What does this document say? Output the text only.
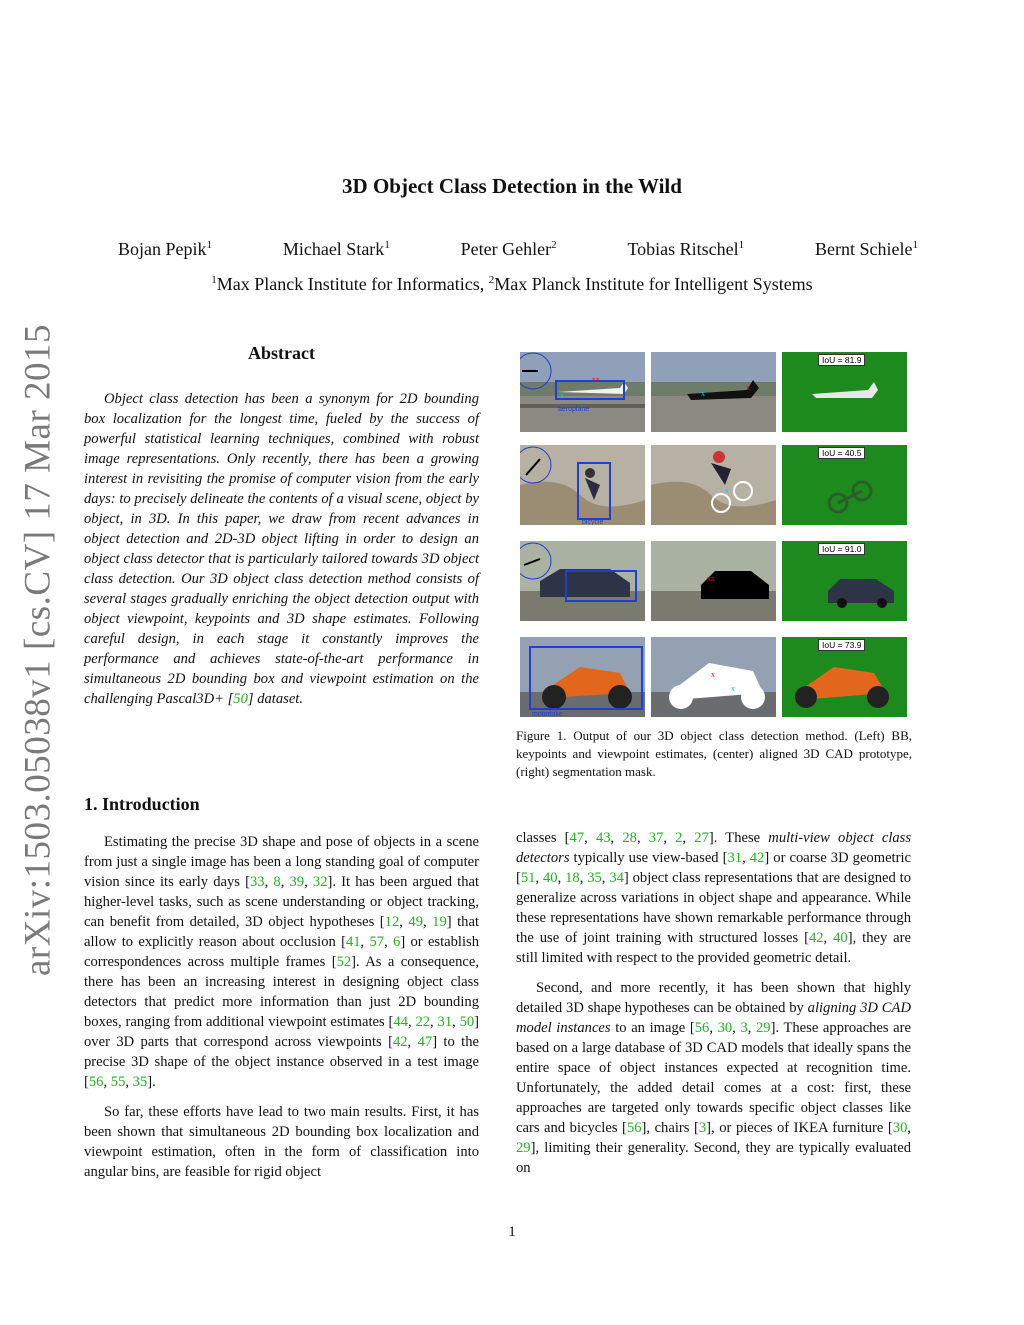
arXiv:1503.05038v1 [cs.CV] 17 Mar 2015
3D Object Class Detection in the Wild
Bojan Pepik$^1$	Michael Stark$^1$	Peter Gehler$^2$	Tobias Ritschel$^1$	Bernt Schiele$^1$
$^1$Max Planck Institute for Informatics, $^2$Max Planck Institute for Intelligent Systems
Abstract

Object class detection has been a synonym for 2D bounding box localization for the longest time, fueled by the success of powerful statistical learning techniques, combined with robust image representations. Only recently, there has been a growing interest in revisiting the promise of computer vision from the early days: to precisely delineate the contents of a visual scene, object by object, in 3D. In this paper, we draw from recent advances in object detection and 2D-3D object lifting in order to design an object class detector that is particularly tailored towards 3D object class detection. Our 3D object class detection method consists of several stages gradually enriching the object detection output with object viewpoint, keypoints and 3D shape estimates. Following careful design, in each stage it constantly improves the performance and achieves state-of-the-art performance in simultaneous 2D bounding box and viewpoint estimation on the challenging Pascal3D+ [50] dataset.

1. Introduction

Estimating the precise 3D shape and pose of objects in a scene from just a single image has been a long standing goal of computer vision since its early days [33, 8, 39, 32]. It has been argued that higher-level tasks, such as scene understanding or object tracking, can benefit from detailed, 3D object hypotheses [12, 49, 19] that allow to explicitly reason about occlusion [41, 57, 6] or establish correspondences across multiple frames [52]. As a consequence, there has been an increasing interest in designing object class detectors that predict more information than just 2D bounding boxes, ranging from additional viewpoint estimates [44, 22, 31, 50] over 3D parts that correspond across viewpoints [42, 47] to the precise 3D shape of the object instance observed in a test image [56, 55, 35].

So far, these efforts have lead to two main results. First, it has been shown that simultaneous 2D bounding box localization and viewpoint estimation, often in the form of classification into angular bins, are feasible for rigid object

classes [47, 43, 28, 37, 2, 27]. These multi-view object class detectors typically use view-based [31, 42] or coarse 3D geometric [51, 40, 18, 35, 34] object class representations that are designed to generalize across variations in object shape and appearance. While these representations have shown remarkable performance through the use of joint training with structured losses [42, 40], they are still limited with respect to the provided geometric detail.

Second, and more recently, it has been shown that highly detailed 3D shape hypotheses can be obtained by aligning 3D CAD model instances to an image [56, 30, 3, 29]. These approaches are based on a large database of 3D CAD models that ideally spans the entire space of object instances expected at recognition time. Unfortunately, the added detail comes at a cost: first, these approaches are targeted only towards specific object classes like cars and bicycles [56], chairs [3], or pieces of IKEA furniture [30, 29], limiting their generality. Second, they are typically evaluated on

xx
x
aeroplane
x
x
IoU = 81.9
bicycle
x
IoU = 40.5
xx
IoU = 91.0
motorbike
x
x
IoU = 73.9

Figure 1. Output of our 3D object class detection method. (Left) BB, keypoints and viewpoint estimates, (center) aligned 3D CAD prototype, (right) segmentation mask.

1
